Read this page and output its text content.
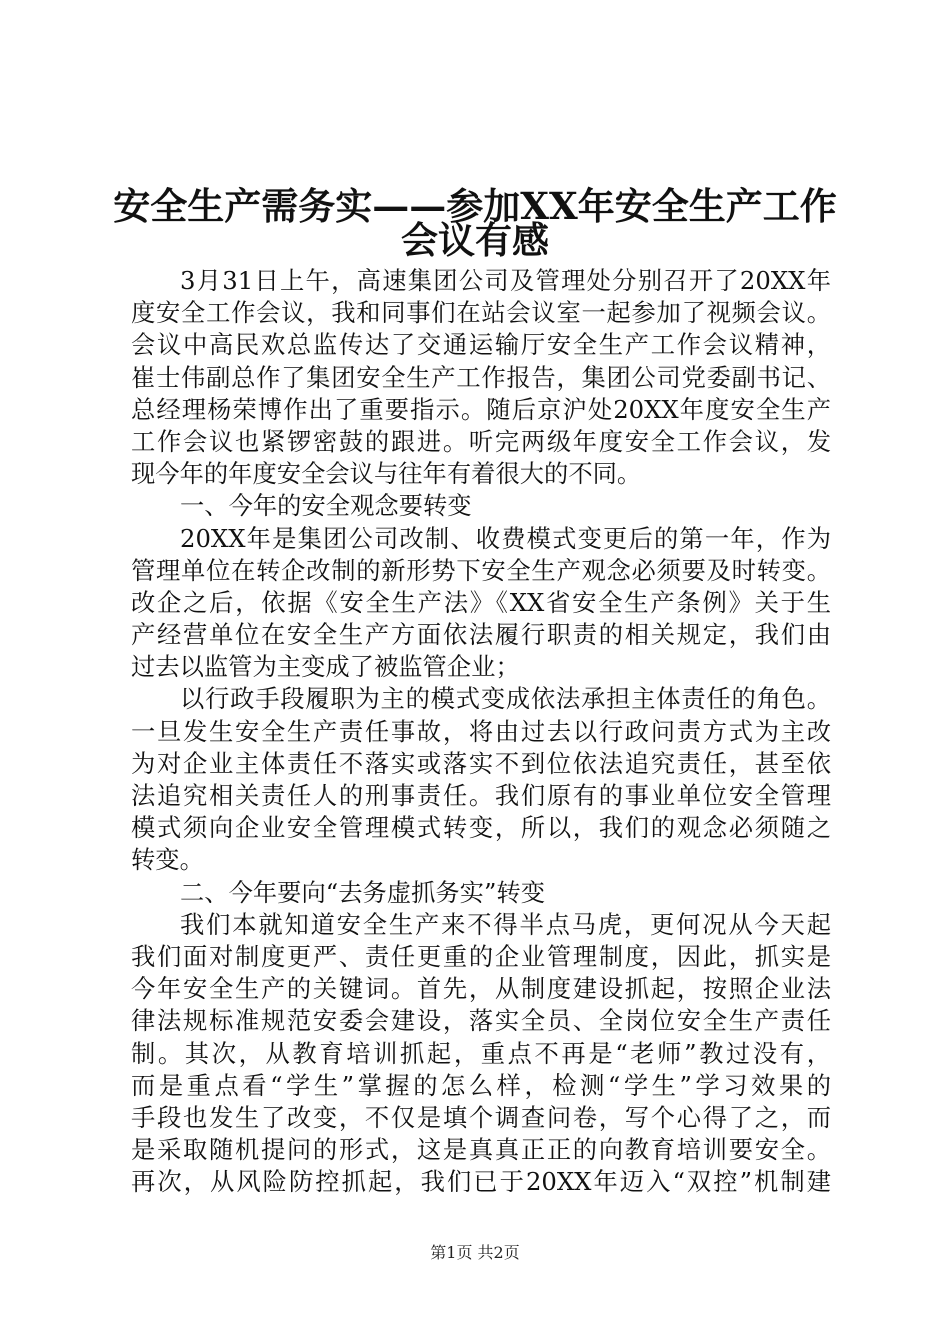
安全生产需务实——参加XX年安全生产工作
会议有感
3月31日上午，高速集团公司及管理处分别召开了20XX年
度安全工作会议，我和同事们在站会议室一起参加了视频会议。
会议中高民欢总监传达了交通运输厅安全生产工作会议精神，
崔士伟副总作了集团安全生产工作报告，集团公司党委副书记、
总经理杨荣博作出了重要指示。随后京沪处20XX年度安全生产
工作会议也紧锣密鼓的跟进。听完两级年度安全工作会议，发
现今年的年度安全会议与往年有着很大的不同。
一、今年的安全观念要转变
20XX年是集团公司改制、收费模式变更后的第一年，作为
管理单位在转企改制的新形势下安全生产观念必须要及时转变。
改企之后，依据《安全生产法》《XX省安全生产条例》关于生
产经营单位在安全生产方面依法履行职责的相关规定，我们由
过去以监管为主变成了被监管企业；
以行政手段履职为主的模式变成依法承担主体责任的角色。
一旦发生安全生产责任事故，将由过去以行政问责方式为主改
为对企业主体责任不落实或落实不到位依法追究责任，甚至依
法追究相关责任人的刑事责任。我们原有的事业单位安全管理
模式须向企业安全管理模式转变，所以，我们的观念必须随之
转变。
二、今年要向“去务虚抓务实”转变
我们本就知道安全生产来不得半点马虎，更何况从今天起
我们面对制度更严、责任更重的企业管理制度，因此，抓实是
今年安全生产的关键词。首先，从制度建设抓起，按照企业法
律法规标准规范安委会建设，落实全员、全岗位安全生产责任
制。其次，从教育培训抓起，重点不再是“老师”教过没有，
而是重点看“学生”掌握的怎么样，检测“学生”学习效果的
手段也发生了改变，不仅是填个调查问卷，写个心得了之，而
是采取随机提问的形式，这是真真正正的向教育培训要安全。
再次，从风险防控抓起，我们已于20XX年迈入“双控”机制建
第1页 共2页
